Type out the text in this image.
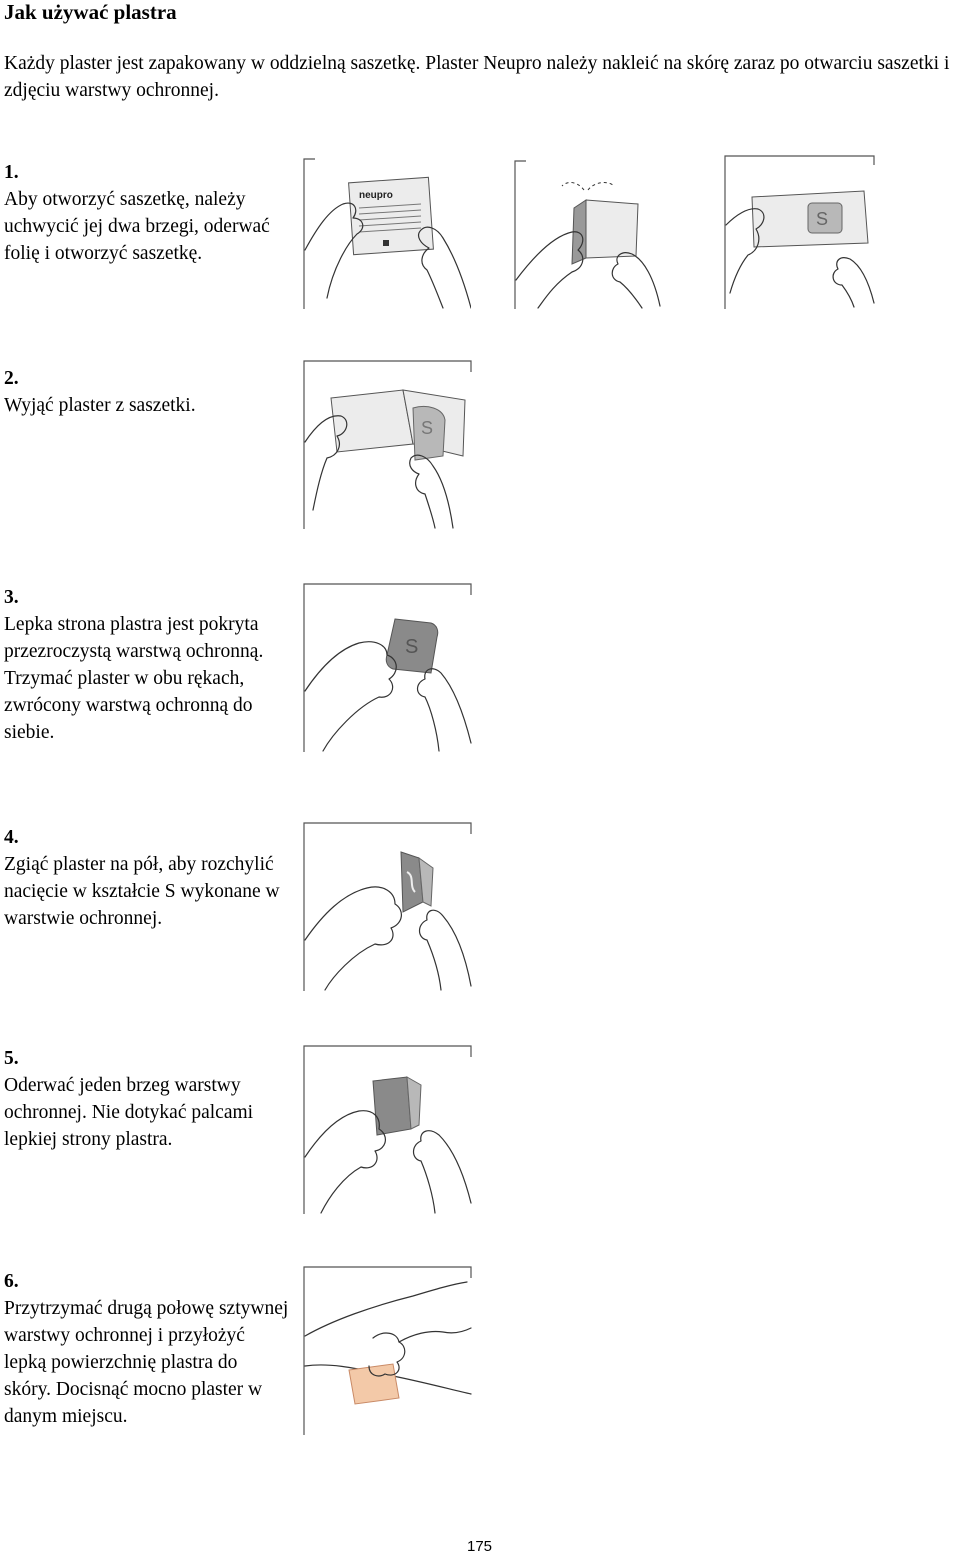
Jak używać plastra
Każdy plaster jest zapakowany w oddzielną saszetkę. Plaster Neupro należy nakleić na skórę zaraz po otwarciu saszetki i zdjęciu warstwy ochronnej.
1.
Aby otworzyć saszetkę, należy uchwycić jej dwa brzegi, oderwać folię i otworzyć saszetkę.
neupro
S
2.
Wyjąć plaster z saszetki.
S
3.
Lepka strona plastra jest pokryta przezroczystą warstwą ochronną. Trzymać plaster w obu rękach, zwrócony warstwą ochronną do siebie.
S
4.
Zgiąć plaster na pół, aby rozchylić nacięcie w kształcie S wykonane w warstwie ochronnej.
5.
Oderwać jeden brzeg warstwy ochronnej. Nie dotykać palcami lepkiej strony plastra.
6.
Przytrzymać drugą połowę sztywnej warstwy ochronnej i przyłożyć lepką powierzchnię plastra do skóry. Docisnąć mocno plaster w danym miejscu.
175
